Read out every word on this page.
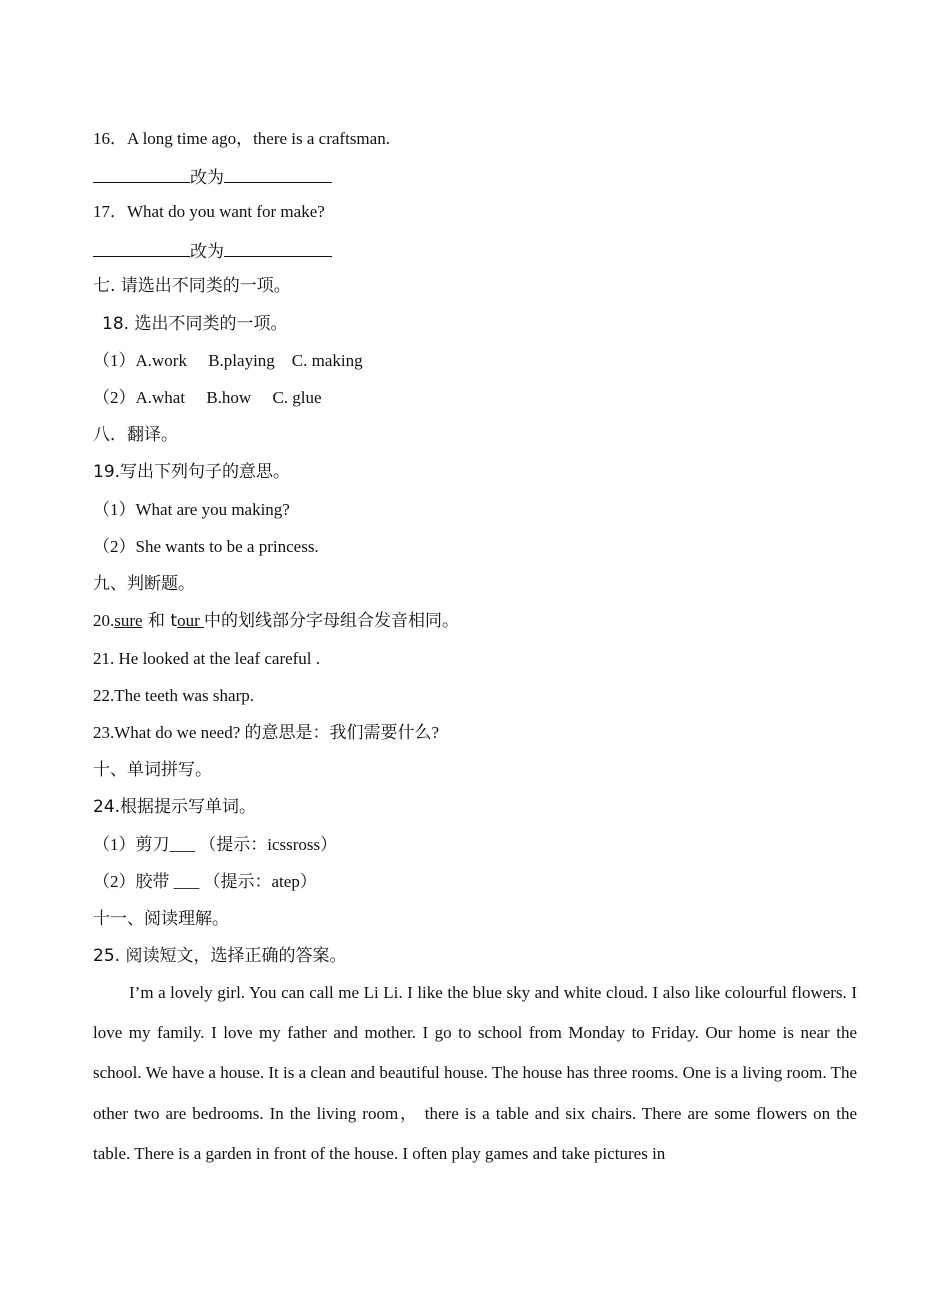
16．A long time ago，there is a craftsman.
改为
17．What do you want for make?
改为
七. 请选出不同类的一项。
18. 选出不同类的一项。
（1）A.work　 B.playing　C. making
（2）A.what　 B.how　 C. glue
八．翻译。
19.写出下列句子的意思。
（1）What are you making?
（2）She wants to be a princess.
九、判断题。
20.sure 和 tour 中的划线部分字母组合发音相同。
21. He looked at the leaf careful .
22.The teeth was sharp.
23.What do we need? 的意思是：我们需要什么?
十、单词拼写。
24.根据提示写单词。
（1）剪刀___ （提示：icssross）
（2）胶带 ___ （提示：atep）
十一、阅读理解。
25. 阅读短文，选择正确的答案。
I’m a lovely girl. You can call me Li Li. I like the blue sky and white cloud. I also like colourful flowers. I love my family. I love my father and mother. I go to school from Monday to Friday. Our home is near the school. We have a house. It is a clean and beautiful house. The house has three rooms. One is a living room. The other two are bedrooms. In the living room， there is a table and six chairs. There are some flowers on the table. There is a garden in front of the house. I often play games and take pictures in
